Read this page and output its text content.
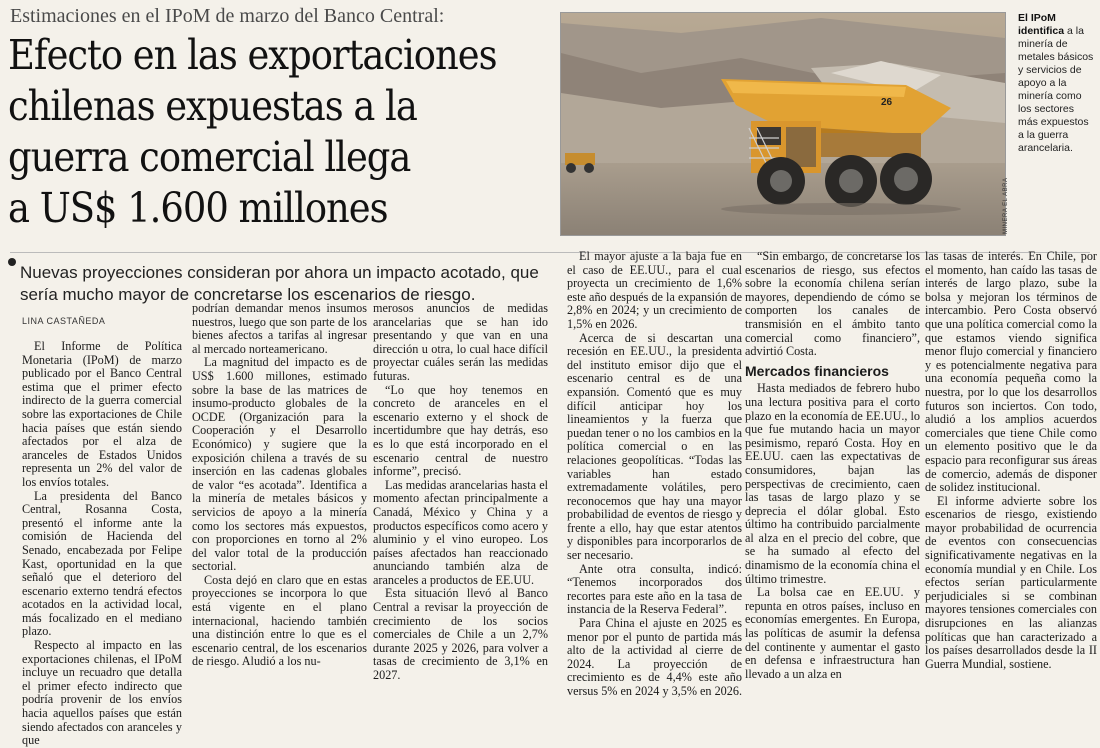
Estimaciones en el IPoM de marzo del Banco Central:
Efecto en las exportaciones
chilenas expuestas a la
guerra comercial llega
a US$ 1.600 millones
26
MINERA EL ABRA
El IPoM identifica a la minería de metales básicos y servicios de apoyo a la minería como los sectores más expuestos a la guerra arancelaria.
Nuevas proyecciones consideran por ahora un impacto acotado, que sería mucho mayor de concretarse los escenarios de riesgo.
LINA CASTAÑEDA

El Informe de Política Monetaria (IPoM) de marzo publicado por el Banco Central estima que el primer efecto indirecto de la guerra comercial sobre las exportaciones de Chile hacia países que están siendo afectados por el alza de aranceles de Estados Unidos representa un 2% del valor de los envíos totales.

La presidenta del Banco Central, Rosanna Costa, presentó el informe ante la comisión de Hacienda del Senado, encabezada por Felipe Kast, oportunidad en la que señaló que el deterioro del escenario externo tendrá efectos acotados en la actividad local, más focalizado en el mediano plazo.

Respecto al impacto en las exportaciones chilenas, el IPoM incluye un recuadro que detalla el primer efecto indirecto que podría provenir de los envíos hacia aquellos países que están siendo afectados con aranceles y que

podrían demandar menos insumos nuestros, luego que son parte de los bienes afectos a tarifas al ingresar al mercado norteamericano.

La magnitud del impacto es de US$ 1.600 millones, estimado sobre la base de las matrices de insumo-producto globales de la OCDE (Organización para la Cooperación y el Desarrollo Económico) y sugiere que la exposición chilena a través de su inserción en las cadenas globales de valor “es acotada”. Identifica a la minería de metales básicos y servicios de apoyo a la minería como los sectores más expuestos, con proporciones en torno al 2% del valor total de la producción sectorial.

Costa dejó en claro que en estas proyecciones se incorpora lo que está vigente en el plano internacional, haciendo también una distinción entre lo que es el escenario central, de los escenarios de riesgo. Aludió a los nu-

merosos anuncios de medidas arancelarias que se han ido presentando y que van en una dirección u otra, lo cual hace difícil proyectar cuáles serán las medidas futuras.

“Lo que hoy tenemos en concreto de aranceles en el escenario externo y el shock de incertidumbre que hay detrás, eso es lo que está incorporado en el escenario central de nuestro informe”, precisó.

Las medidas arancelarias hasta el momento afectan principalmente a Canadá, México y China y a productos específicos como acero y aluminio y el vino europeo. Los países afectados han reaccionado anunciando también alza de aranceles a productos de EE.UU.

Esta situación llevó al Banco Central a revisar la proyección de crecimiento de los socios comerciales de Chile a un 2,7% durante 2025 y 2026, para volver a tasas de crecimiento de 3,1% en 2027.

El mayor ajuste a la baja fue en el caso de EE.UU., para el cual proyecta un crecimiento de 1,6% este año después de la expansión de 2,8% en 2024; y un crecimiento de 1,5% en 2026.

Acerca de si descartan una recesión en EE.UU., la presidenta del instituto emisor dijo que el escenario central es de una expansión. Comentó que es muy difícil anticipar hoy los lineamientos y la fuerza que puedan tener o no los cambios en la política comercial o en las relaciones geopolíticas. “Todas las variables han estado extremadamente volátiles, pero reconocemos que hay una mayor probabilidad de eventos de riesgo y frente a ello, hay que estar atentos y disponibles para incorporarlos de ser necesario.

Ante otra consulta, indicó: “Tenemos incorporados dos recortes para este año en la tasa de instancia de la Reserva Federal”.

Para China el ajuste en 2025 es menor por el punto de partida más alto de la actividad al cierre de 2024. La proyección de crecimiento es de 4,4% este año versus 5% en 2024 y 3,5% en 2026.

“Sin embargo, de concretarse los escenarios de riesgo, sus efectos sobre la economía chilena serían mayores, dependiendo de cómo se comporten los canales de transmisión en el ámbito tanto comercial como financiero”, advirtió Costa.

Mercados financieros

Hasta mediados de febrero hubo una lectura positiva para el corto plazo en la economía de EE.UU., lo que fue mutando hacia un mayor pesimismo, reparó Costa. Hoy en EE.UU. caen las expectativas de consumidores, bajan las perspectivas de crecimiento, caen las tasas de largo plazo y se deprecia el dólar global. Esto último ha contribuido parcialmente al alza en el precio del cobre, que se ha sumado al efecto del dinamismo de la economía china el último trimestre.

La bolsa cae en EE.UU. y repunta en otros países, incluso en economías emergentes. En Europa, las políticas de asumir la defensa del continente y aumentar el gasto en defensa e infraestructura han llevado a un alza en

las tasas de interés. En Chile, por el momento, han caído las tasas de interés de largo plazo, sube la bolsa y mejoran los términos de intercambio. Pero Costa observó que una política comercial como la que estamos viendo significa menor flujo comercial y financiero y es potencialmente negativa para una economía pequeña como la nuestra, por lo que los desarrollos futuros son inciertos. Con todo, aludió a los amplios acuerdos comerciales que tiene Chile como un elemento positivo que le da espacio para reconfigurar sus áreas de comercio, además de disponer de solidez institucional.

El informe advierte sobre los escenarios de riesgo, existiendo mayor probabilidad de ocurrencia de eventos con consecuencias significativamente negativas en la economía mundial y en Chile. Los efectos serían particularmente perjudiciales si se combinan mayores tensiones comerciales con disrupciones en las alianzas políticas que han caracterizado a los países desarrollados desde la II Guerra Mundial, sostiene.
